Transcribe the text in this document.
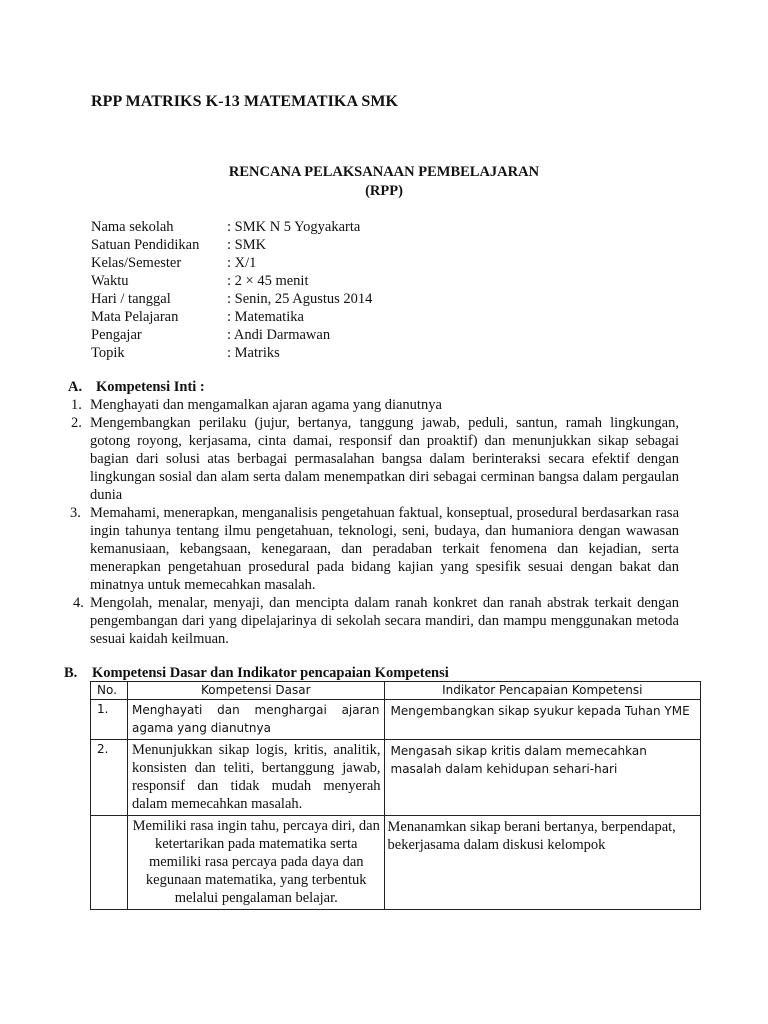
RPP MATRIKS K-13 MATEMATIKA SMK
RENCANA PELAKSANAAN PEMBELAJARAN
(RPP)
Nama sekolah	: SMK N 5 Yogyakarta
Satuan Pendidikan : SMK
Kelas/Semester	: X/1
Waktu	: 2 × 45 menit
Hari / tanggal	: Senin, 25 Agustus 2014
Mata Pelajaran	: Matematika
Pengajar	: Andi Darmawan
Topik	: Matriks
A. Kompetensi Inti :
1. Menghayati dan mengamalkan ajaran agama yang dianutnya
2. Mengembangkan perilaku (jujur, bertanya, tanggung jawab, peduli, santun, ramah lingkungan, gotong royong, kerjasama, cinta damai, responsif dan proaktif) dan menunjukkan sikap sebagai bagian dari solusi atas berbagai permasalahan bangsa dalam berinteraksi secara efektif dengan lingkungan sosial dan alam serta dalam menempatkan diri sebagai cerminan bangsa dalam pergaulan dunia
3. Memahami, menerapkan, menganalisis pengetahuan faktual, konseptual, prosedural berdasarkan rasa ingin tahunya tentang ilmu pengetahuan, teknologi, seni, budaya, dan humaniora dengan wawasan kemanusiaan, kebangsaan, kenegaraan, dan peradaban terkait fenomena dan kejadian, serta menerapkan pengetahuan prosedural pada bidang kajian yang spesifik sesuai dengan bakat dan minatnya untuk memecahkan masalah.
4. Mengolah, menalar, menyaji, dan mencipta dalam ranah konkret dan ranah abstrak terkait dengan pengembangan dari yang dipelajarinya di sekolah secara mandiri, dan mampu menggunakan metoda sesuai kaidah keilmuan.
B. Kompetensi Dasar dan Indikator pencapaian Kompetensi
No.	Kompetensi Dasar	Indikator Pencapaian Kompetensi
1.	Menghayati dan menghargai ajaran agama yang dianutnya	Mengembangkan sikap syukur kepada Tuhan YME
2.	Menunjukkan sikap logis, kritis, analitik, konsisten dan teliti, bertanggung jawab, responsif dan tidak mudah menyerah dalam memecahkan masalah.	Mengasah sikap kritis dalam memecahkan masalah dalam kehidupan sehari-hari
	Memiliki rasa ingin tahu, percaya diri, dan ketertarikan pada matematika serta memiliki rasa percaya pada daya dan kegunaan matematika, yang terbentuk melalui pengalaman belajar.	Menanamkan sikap berani bertanya, berpendapat, bekerjasama dalam diskusi kelompok
